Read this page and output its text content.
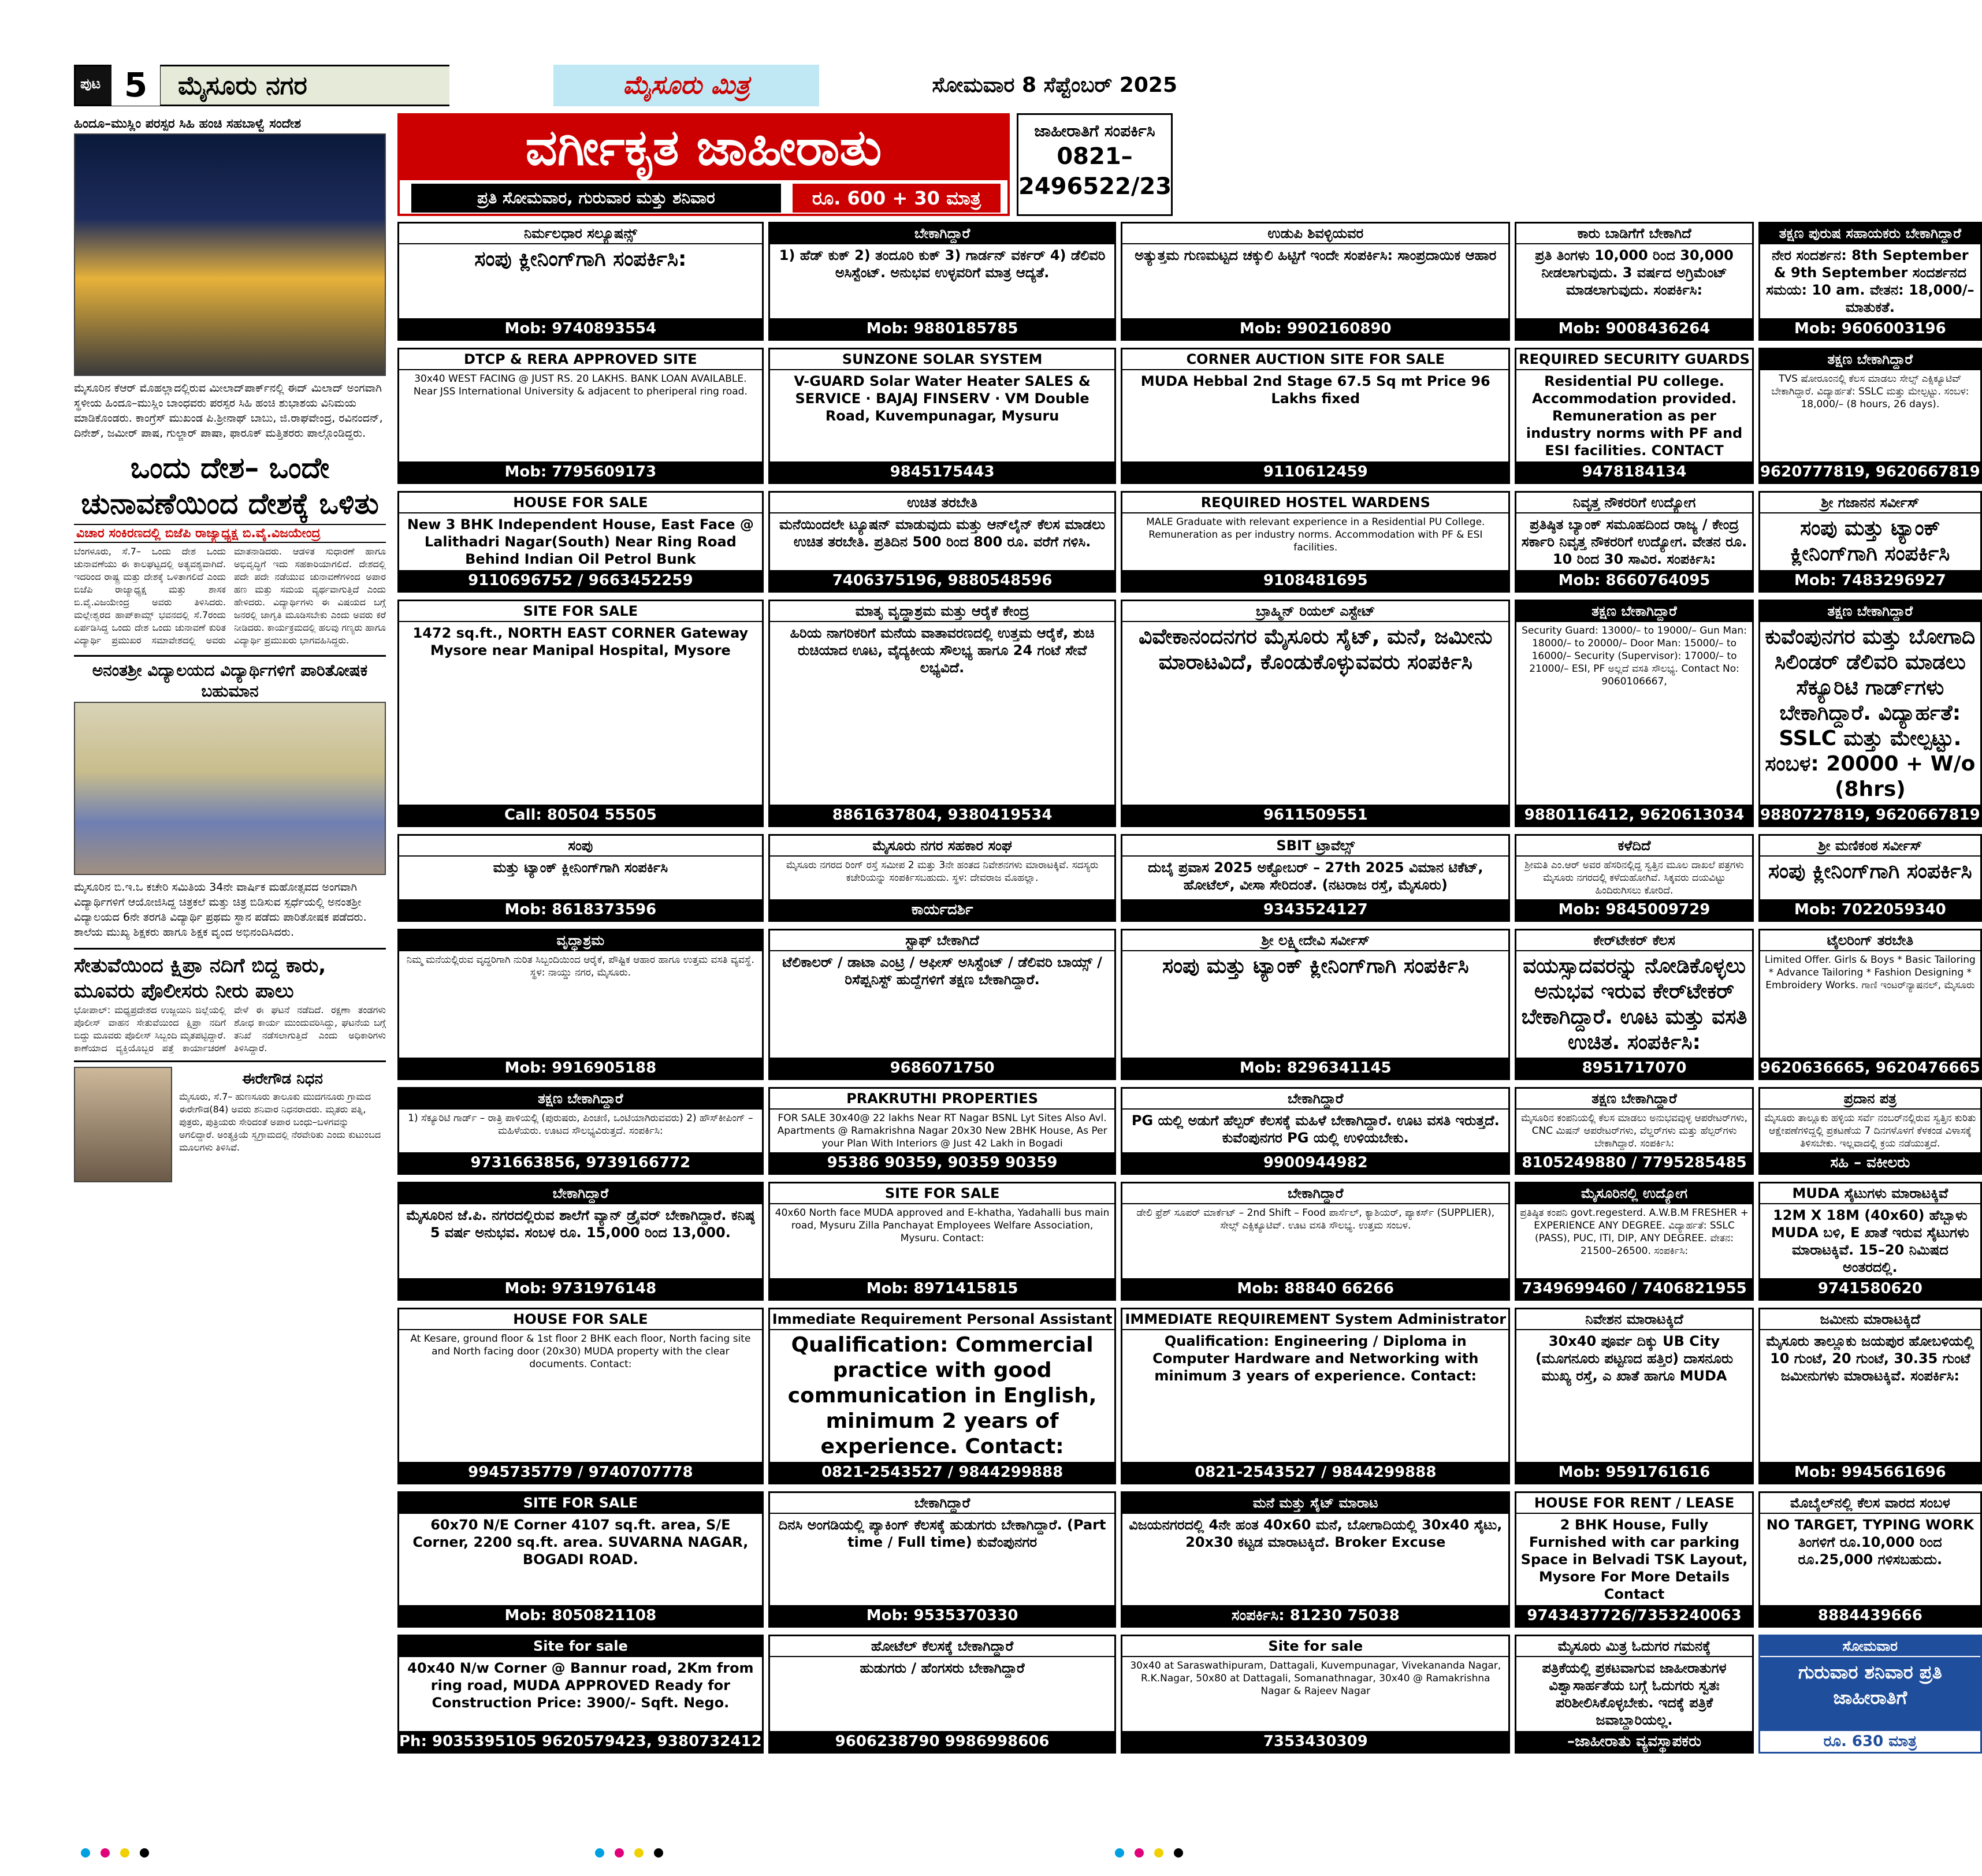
ಪುಟ 5	ಮೈಸೂರು ನಗರ	ಮೈಸೂರು ಮಿತ್ರ	ಸೋಮವಾರ 8 ಸೆಪ್ಟೆಂಬರ್ 2025
ಹಿಂದೂ–ಮುಸ್ಲಿಂ ಪರಸ್ಪರ ಸಿಹಿ ಹಂಚಿ ಸಹಬಾಳ್ವೆ ಸಂದೇಶ
ಮೈಸೂರಿನ ಕೆಆರ್ ಮೊಹಲ್ಲಾದಲ್ಲಿರುವ ಮೀಲಾದ್‌ಪಾರ್ಕ್‌ನಲ್ಲಿ ಈದ್ ಮಿಲಾದ್ ಅಂಗವಾಗಿ ಸ್ಥಳೀಯ ಹಿಂದೂ–ಮುಸ್ಲಿಂ ಬಾಂಧವರು ಪರಸ್ಪರ ಸಿಹಿ ಹಂಚಿ ಶುಭಾಶಯ ವಿನಿಮಯ ಮಾಡಿಕೊಂಡರು. ಕಾಂಗ್ರೆಸ್ ಮುಖಂಡ ಪಿ.ಶ್ರೀನಾಥ್ ಬಾಬು, ಜಿ.ರಾಘವೇಂದ್ರ, ರವಿನಂದನ್, ದಿನೇಶ್, ಜಮೀರ್ ಪಾಷ, ಗುಲ್ಜಾರ್ ಪಾಷಾ, ಫಾರೂಕ್ ಮತ್ತಿತರರು ಪಾಲ್ಗೊಂಡಿದ್ದರು.
ಒಂದು ದೇಶ– ಒಂದೇ ಚುನಾವಣೆಯಿಂದ ದೇಶಕ್ಕೆ ಒಳಿತು
ವಿಚಾರ ಸಂಕಿರಣದಲ್ಲಿ ಬಿಜೆಪಿ ರಾಜ್ಯಾಧ್ಯಕ್ಷ ಬಿ.ವೈ.ವಿಜಯೇಂದ್ರ
ಬೆಂಗಳೂರು, ಸೆ.7– ಒಂದು ದೇಶ ಒಂದು ಚುನಾವಣೆಯು ಈ ಕಾಲಘಟ್ಟದಲ್ಲಿ ಅತ್ಯವಶ್ಯವಾಗಿದೆ. ಇದರಿಂದ ರಾಷ್ಟ್ರ ಮತ್ತು ದೇಶಕ್ಕೆ ಒಳಿತಾಗಲಿದೆ ಎಂದು ಬಿಜೆಪಿ ರಾಜ್ಯಾಧ್ಯಕ್ಷ ಮತ್ತು ಶಾಸಕ ಬಿ.ವೈ.ವಿಜಯೇಂದ್ರ ಅವರು ತಿಳಿಸಿದರು. ಮಲ್ಲೇಶ್ವರದ ಹಾಪ್‌ಕಾಮ್ಸ್ ಭವನದಲ್ಲಿ ಸೆ.7ರಂದು ಏರ್ಪಡಿಸಿದ್ದ ಒಂದು ದೇಶ ಒಂದು ಚುನಾವಣೆ ಕುರಿತ ವಿದ್ಯಾರ್ಥಿ ಪ್ರಮುಖರ ಸಮಾವೇಶದಲ್ಲಿ ಅವರು ಮಾತನಾಡಿದರು. ಆಡಳಿತ ಸುಧಾರಣೆ ಹಾಗೂ ಅಭಿವೃದ್ಧಿಗೆ ಇದು ಸಹಕಾರಿಯಾಗಲಿದೆ. ದೇಶದಲ್ಲಿ ಪದೇ ಪದೇ ನಡೆಯುವ ಚುನಾವಣೆಗಳಿಂದ ಅಪಾರ ಹಣ ಮತ್ತು ಸಮಯ ವ್ಯರ್ಥವಾಗುತ್ತಿದೆ ಎಂದು ಹೇಳಿದರು. ವಿದ್ಯಾರ್ಥಿಗಳು ಈ ವಿಷಯದ ಬಗ್ಗೆ ಜನರಲ್ಲಿ ಜಾಗೃತಿ ಮೂಡಿಸಬೇಕು ಎಂದು ಅವರು ಕರೆ ನೀಡಿದರು. ಕಾರ್ಯಕ್ರಮದಲ್ಲಿ ಹಲವು ಗಣ್ಯರು ಹಾಗೂ ವಿದ್ಯಾರ್ಥಿ ಪ್ರಮುಖರು ಭಾಗವಹಿಸಿದ್ದರು.
ಅನಂತಶ್ರೀ ವಿದ್ಯಾಲಯದ ವಿದ್ಯಾರ್ಥಿಗಳಿಗೆ ಪಾರಿತೋಷಕ ಬಹುಮಾನ
ಮೈಸೂರಿನ ಬಿ.ಇ.ಒ ಕಚೇರಿ ಸಮಿತಿಯ 34ನೇ ವಾರ್ಷಿಕ ಮಹೋತ್ಸವದ ಅಂಗವಾಗಿ ವಿದ್ಯಾರ್ಥಿಗಳಿಗೆ ಆಯೋಜಿಸಿದ್ದ ಚಿತ್ರಕಲೆ ಮತ್ತು ಚಿತ್ರ ಬಿಡಿಸುವ ಸ್ಪರ್ಧೆಯಲ್ಲಿ ಅನಂತಶ್ರೀ ವಿದ್ಯಾಲಯದ 6ನೇ ತರಗತಿ ವಿದ್ಯಾರ್ಥಿ ಪ್ರಥಮ ಸ್ಥಾನ ಪಡೆದು ಪಾರಿತೋಷಕ ಪಡೆದರು. ಶಾಲೆಯ ಮುಖ್ಯ ಶಿಕ್ಷಕರು ಹಾಗೂ ಶಿಕ್ಷಕ ವೃಂದ ಅಭಿನಂದಿಸಿದರು.
ಸೇತುವೆಯಿಂದ ಕ್ಷಿಪ್ರಾ ನದಿಗೆ ಬಿದ್ದ ಕಾರು, ಮೂವರು ಪೊಲೀಸರು ನೀರು ಪಾಲು
ಭೋಪಾಲ್: ಮಧ್ಯಪ್ರದೇಶದ ಉಜ್ಜಯಿನಿ ಜಿಲ್ಲೆಯಲ್ಲಿ ಪೊಲೀಸ್ ವಾಹನ ಸೇತುವೆಯಿಂದ ಕ್ಷಿಪ್ರಾ ನದಿಗೆ ಬಿದ್ದು ಮೂವರು ಪೊಲೀಸ್ ಸಿಬ್ಬಂದಿ ಮೃತಪಟ್ಟಿದ್ದಾರೆ. ಕಾಣೆಯಾದ ವ್ಯಕ್ತಿಯೊಬ್ಬರ ಪತ್ತೆ ಕಾರ್ಯಾಚರಣೆ ವೇಳೆ ಈ ಘಟನೆ ನಡೆದಿದೆ. ರಕ್ಷಣಾ ತಂಡಗಳು ಶೋಧ ಕಾರ್ಯ ಮುಂದುವರಿಸಿದ್ದು, ಘಟನೆಯ ಬಗ್ಗೆ ತನಿಖೆ ನಡೆಸಲಾಗುತ್ತಿದೆ ಎಂದು ಅಧಿಕಾರಿಗಳು ತಿಳಿಸಿದ್ದಾರೆ.
ಈರೇಗೌಡ ನಿಧನ
ಮೈಸೂರು, ಸೆ.7– ಹುಣಸೂರು ತಾಲೂಕು ಮುದಗನೂರು ಗ್ರಾಮದ ಈರೇಗೌಡ(84) ಅವರು ಶನಿವಾರ ನಿಧನರಾದರು. ಮೃತರು ಪತ್ನಿ, ಪುತ್ರರು, ಪುತ್ರಿಯರು ಸೇರಿದಂತೆ ಅಪಾರ ಬಂಧು–ಬಳಗವನ್ನು ಅಗಲಿದ್ದಾರೆ. ಅಂತ್ಯಕ್ರಿಯೆ ಸ್ವಗ್ರಾಮದಲ್ಲಿ ನೆರವೇರಿತು ಎಂದು ಕುಟುಂಬದ ಮೂಲಗಳು ತಿಳಿಸಿವೆ.
ವರ್ಗೀಕೃತ ಜಾಹೀರಾತು
ಪ್ರತಿ ಸೋಮವಾರ, ಗುರುವಾರ ಮತ್ತು ಶನಿವಾರ	ರೂ. 600 + 30 ಮಾತ್ರ
ಜಾಹೀರಾತಿಗೆ ಸಂಪರ್ಕಿಸಿ
0821–
2496522/23
ನಿರ್ಮಲಧಾರ ಸಲ್ಯೂಷನ್ಸ್
ಸಂಪು ಕ್ಲೀನಿಂಗ್‌ಗಾಗಿ ಸಂಪರ್ಕಿಸಿ:
Mob: 9740893554
ಬೇಕಾಗಿದ್ದಾರೆ
1) ಹೆಡ್ ಕುಕ್ 2) ತಂದೂರಿ ಕುಕ್ 3) ಗಾರ್ಡನ್ ವರ್ಕರ್ 4) ಡೆಲಿವರಿ ಅಸಿಸ್ಟೆಂಟ್. ಅನುಭವ ಉಳ್ಳವರಿಗೆ ಮಾತ್ರ ಆದ್ಯತೆ.
Mob: 9880185785
ಉಡುಪಿ ಶಿವಳ್ಳಿಯವರ
ಅತ್ಯುತ್ತಮ ಗುಣಮಟ್ಟದ ಚಕ್ಕುಲಿ ಹಿಟ್ಟಿಗೆ ಇಂದೇ ಸಂಪರ್ಕಿಸಿ: ಸಾಂಪ್ರದಾಯಿಕ ಆಹಾರ
Mob: 9902160890
ಕಾರು ಬಾಡಿಗೆಗೆ ಬೇಕಾಗಿದೆ
ಪ್ರತಿ ತಿಂಗಳು 10,000 ರಿಂದ 30,000 ನೀಡಲಾಗುವುದು. 3 ವರ್ಷದ ಅಗ್ರಿಮೆಂಟ್ ಮಾಡಲಾಗುವುದು. ಸಂಪರ್ಕಿಸಿ:
Mob: 9008436264
ತಕ್ಷಣ ಪುರುಷ ಸಹಾಯಕರು ಬೇಕಾಗಿದ್ದಾರೆ
ನೇರ ಸಂದರ್ಶನ: 8th September & 9th September ಸಂದರ್ಶನದ ಸಮಯ: 10 am. ವೇತನ: 18,000/– ಮಾತುಕತೆ.
Mob: 9606003196
DTCP & RERA APPROVED SITE
30x40 WEST FACING @ JUST RS. 20 LAKHS. BANK LOAN AVAILABLE. Near JSS International University & adjacent to pheriperal ring road.
Mob: 7795609173
SUNZONE SOLAR SYSTEM
V-GUARD Solar Water Heater SALES & SERVICE · BAJAJ FINSERV · VM Double Road, Kuvempunagar, Mysuru
9845175443
CORNER AUCTION SITE FOR SALE
MUDA Hebbal 2nd Stage 67.5 Sq mt Price 96 Lakhs fixed
9110612459
REQUIRED SECURITY GUARDS
Residential PU college. Accommodation provided. Remuneration as per industry norms with PF and ESI facilities. CONTACT
9478184134
ತಕ್ಷಣ ಬೇಕಾಗಿದ್ದಾರೆ
TVS ಷೋರೂಂನಲ್ಲಿ ಕೆಲಸ ಮಾಡಲು ಸೇಲ್ಸ್ ಎಕ್ಸಿಕ್ಯೂಟಿವ್ ಬೇಕಾಗಿದ್ದಾರೆ. ವಿದ್ಯಾರ್ಹತೆ: SSLC ಮತ್ತು ಮೇಲ್ಪಟ್ಟು. ಸಂಬಳ: 18,000/– (8 hours, 26 days).
9620777819, 9620667819
HOUSE FOR SALE
New 3 BHK Independent House, East Face @ Lalithadri Nagar(South) Near Ring Road Behind Indian Oil Petrol Bunk
9110696752 / 9663452259
ಉಚಿತ ತರಬೇತಿ
ಮನೆಯಿಂದಲೇ ಟ್ಯೂಷನ್ ಮಾಡುವುದು ಮತ್ತು ಆನ್‌ಲೈನ್ ಕೆಲಸ ಮಾಡಲು ಉಚಿತ ತರಬೇತಿ. ಪ್ರತಿದಿನ 500 ರಿಂದ 800 ರೂ. ವರೆಗೆ ಗಳಿಸಿ.
7406375196, 9880548596
REQUIRED HOSTEL WARDENS
MALE Graduate with relevant experience in a Residential PU College. Remuneration as per industry norms. Accommodation with PF & ESI facilities.
9108481695
ನಿವೃತ್ತ ನೌಕರರಿಗೆ ಉದ್ಯೋಗ
ಪ್ರತಿಷ್ಠಿತ ಬ್ಯಾಂಕ್ ಸಮೂಹದಿಂದ ರಾಜ್ಯ / ಕೇಂದ್ರ ಸರ್ಕಾರಿ ನಿವೃತ್ತ ನೌಕರರಿಗೆ ಉದ್ಯೋಗ. ವೇತನ ರೂ. 10 ರಿಂದ 30 ಸಾವಿರ. ಸಂಪರ್ಕಿಸಿ:
Mob: 8660764095
ಶ್ರೀ ಗಜಾನನ ಸರ್ವೀಸ್
ಸಂಪು ಮತ್ತು ಟ್ಯಾಂಕ್ ಕ್ಲೀನಿಂಗ್‌ಗಾಗಿ ಸಂಪರ್ಕಿಸಿ
Mob: 7483296927
SITE FOR SALE
1472 sq.ft., NORTH EAST CORNER Gateway Mysore near Manipal Hospital, Mysore
Call: 80504 55505
ಮಾತೃ ವೃದ್ಧಾಶ್ರಮ ಮತ್ತು ಆರೈಕೆ ಕೇಂದ್ರ
ಹಿರಿಯ ನಾಗರಿಕರಿಗೆ ಮನೆಯ ವಾತಾವರಣದಲ್ಲಿ ಉತ್ತಮ ಆರೈಕೆ, ಶುಚಿ ರುಚಿಯಾದ ಊಟ, ವೈದ್ಯಕೀಯ ಸೌಲಭ್ಯ ಹಾಗೂ 24 ಗಂಟೆ ಸೇವೆ ಲಭ್ಯವಿದೆ.
8861637804, 9380419534
ಬ್ರಾಹ್ಮಿನ್ ರಿಯಲ್ ಎಸ್ಟೇಟ್
ವಿವೇಕಾನಂದನಗರ ಮೈಸೂರು ಸೈಟ್, ಮನೆ, ಜಮೀನು ಮಾರಾಟವಿದೆ, ಕೊಂಡುಕೊಳ್ಳುವವರು ಸಂಪರ್ಕಿಸಿ
9611509551
ತಕ್ಷಣ ಬೇಕಾಗಿದ್ದಾರೆ
Security Guard: 13000/– to 19000/– Gun Man: 18000/– to 20000/– Door Man: 15000/– to 16000/– Security (Supervisor): 17000/– to 21000/– ESI, PF ಅಲ್ಲದೆ ವಸತಿ ಸೌಲಭ್ಯ. Contact No: 9060106667,
9880116412, 9620613034
ತಕ್ಷಣ ಬೇಕಾಗಿದ್ದಾರೆ
ಕುವೆಂಪುನಗರ ಮತ್ತು ಬೋಗಾದಿ ಸಿಲಿಂಡರ್ ಡೆಲಿವರಿ ಮಾಡಲು ಸೆಕ್ಯೂರಿಟಿ ಗಾರ್ಡ್‌ಗಳು ಬೇಕಾಗಿದ್ದಾರೆ. ವಿದ್ಯಾರ್ಹತೆ: SSLC ಮತ್ತು ಮೇಲ್ಪಟ್ಟು. ಸಂಬಳ: 20000 + W/o (8hrs)
9880727819, 9620667819
ಸಂಪು
ಮತ್ತು ಟ್ಯಾಂಕ್ ಕ್ಲೀನಿಂಗ್‌ಗಾಗಿ ಸಂಪರ್ಕಿಸಿ
Mob: 8618373596
ಮೈಸೂರು ನಗರ ಸಹಕಾರ ಸಂಘ
ಮೈಸೂರು ನಗರದ ರಿಂಗ್ ರಸ್ತೆ ಸಮೀಪ 2 ಮತ್ತು 3ನೇ ಹಂತದ ನಿವೇಶನಗಳು ಮಾರಾಟಕ್ಕಿವೆ. ಸದಸ್ಯರು ಕಚೇರಿಯನ್ನು ಸಂಪರ್ಕಿಸಬಹುದು. ಸ್ಥಳ: ದೇವರಾಜ ಮೊಹಲ್ಲಾ.
ಕಾರ್ಯದರ್ಶಿ
SBIT ಟ್ರಾವೆಲ್ಸ್
ದುಬೈ ಪ್ರವಾಸ 2025 ಅಕ್ಟೋಬರ್ – 27th 2025 ವಿಮಾನ ಟಿಕೆಟ್, ಹೋಟೆಲ್, ವೀಸಾ ಸೇರಿದಂತೆ. (ನಟರಾಜ ರಸ್ತೆ, ಮೈಸೂರು)
9343524127
ಕಳೆದಿದೆ
ಶ್ರೀಮತಿ ಎಂ.ಆರ್ ಅವರ ಹೆಸರಿನಲ್ಲಿದ್ದ ಸ್ವತ್ತಿನ ಮೂಲ ದಾಖಲೆ ಪತ್ರಗಳು ಮೈಸೂರು ನಗರದಲ್ಲಿ ಕಳೆದುಹೋಗಿವೆ. ಸಿಕ್ಕವರು ದಯವಿಟ್ಟು ಹಿಂದಿರುಗಿಸಲು ಕೋರಿದೆ.
Mob: 9845009729
ಶ್ರೀ ಮಣಿಕಂಠ ಸರ್ವೀಸ್
ಸಂಪು ಕ್ಲೀನಿಂಗ್‌ಗಾಗಿ ಸಂಪರ್ಕಿಸಿ
Mob: 7022059340
ವೃದ್ಧಾಶ್ರಮ
ನಿಮ್ಮ ಮನೆಯಲ್ಲಿರುವ ವೃದ್ಧರಿಗಾಗಿ ನುರಿತ ಸಿಬ್ಬಂದಿಯಿಂದ ಆರೈಕೆ, ಪೌಷ್ಟಿಕ ಆಹಾರ ಹಾಗೂ ಉತ್ತಮ ವಸತಿ ವ್ಯವಸ್ಥೆ. ಸ್ಥಳ: ನಾಯ್ಡು ನಗರ, ಮೈಸೂರು.
Mob: 9916905188
ಸ್ಟಾಫ್ ಬೇಕಾಗಿದೆ
ಟೆಲಿಕಾಲರ್ / ಡಾಟಾ ಎಂಟ್ರಿ / ಆಫೀಸ್ ಅಸಿಸ್ಟೆಂಟ್ / ಡೆಲಿವರಿ ಬಾಯ್ಸ್ / ರಿಸೆಪ್ಷನಿಸ್ಟ್ ಹುದ್ದೆಗಳಿಗೆ ತಕ್ಷಣ ಬೇಕಾಗಿದ್ದಾರೆ.
9686071750
ಶ್ರೀ ಲಕ್ಷ್ಮೀದೇವಿ ಸರ್ವೀಸ್
ಸಂಪು ಮತ್ತು ಟ್ಯಾಂಕ್ ಕ್ಲೀನಿಂಗ್‌ಗಾಗಿ ಸಂಪರ್ಕಿಸಿ
Mob: 8296341145
ಕೇರ್‌ಟೇಕರ್ ಕೆಲಸ
ವಯಸ್ಸಾದವರನ್ನು ನೋಡಿಕೊಳ್ಳಲು ಅನುಭವ ಇರುವ ಕೇರ್‌ಟೇಕರ್ ಬೇಕಾಗಿದ್ದಾರೆ. ಊಟ ಮತ್ತು ವಸತಿ ಉಚಿತ. ಸಂಪರ್ಕಿಸಿ:
8951717070
ಟೈಲರಿಂಗ್ ತರಬೇತಿ
Limited Offer. Girls & Boys * Basic Tailoring * Advance Tailoring * Fashion Designing * Embroidery Works. ಗಾಣಿ ಇಂಟರ್‌ನ್ಯಾಷನಲ್, ಮೈಸೂರು
9620636665, 9620476665
ತಕ್ಷಣ ಬೇಕಾಗಿದ್ದಾರೆ
1) ಸೆಕ್ಯೂರಿಟಿ ಗಾರ್ಡ್ – ರಾತ್ರಿ ಪಾಳಿಯಲ್ಲಿ (ಪುರುಷರು, ಪಿಂಚಣಿ, ಒಂಟಿಯಾಗಿರುವವರು) 2) ಹೌಸ್‌ಕೀಪಿಂಗ್ – ಮಹಿಳೆಯರು. ಊಟದ ಸೌಲಭ್ಯವಿರುತ್ತದೆ. ಸಂಪರ್ಕಿಸಿ:
9731663856, 9739166772
PRAKRUTHI PROPERTIES
FOR SALE 30x40@ 22 lakhs Near RT Nagar BSNL Lyt Sites Also Avl. Apartments @ Ramakrishna Nagar 20x30 New 2BHK House, As Per your Plan With Interiors @ Just 42 Lakh in Bogadi
95386 90359, 90359 90359
ಬೇಕಾಗಿದ್ದಾರೆ
PG ಯಲ್ಲಿ ಅಡುಗೆ ಹೆಲ್ಪರ್ ಕೆಲಸಕ್ಕೆ ಮಹಿಳೆ ಬೇಕಾಗಿದ್ದಾರೆ. ಊಟ ವಸತಿ ಇರುತ್ತದೆ. ಕುವೆಂಪುನಗರ PG ಯಲ್ಲಿ ಉಳಿಯಬೇಕು.
9900944982
ತಕ್ಷಣ ಬೇಕಾಗಿದ್ದಾರೆ
ಮೈಸೂರಿನ ಕಂಪನಿಯಲ್ಲಿ ಕೆಲಸ ಮಾಡಲು ಅನುಭವವುಳ್ಳ ಆಪರೇಟರ್‌ಗಳು, CNC ಮಿಷನ್ ಆಪರೇಟರ್‌ಗಳು, ವೆಲ್ಡರ್‌ಗಳು ಮತ್ತು ಹೆಲ್ಪರ್‌ಗಳು ಬೇಕಾಗಿದ್ದಾರೆ. ಸಂಪರ್ಕಿಸಿ:
8105249880 / 7795285485
ಪ್ರದಾನ ಪತ್ರ
ಮೈಸೂರು ತಾಲ್ಲೂಕು ಹಳ್ಳಿಯ ಸರ್ವೆ ನಂಬರ್‌ನಲ್ಲಿರುವ ಸ್ವತ್ತಿನ ಕುರಿತು ಆಕ್ಷೇಪಣೆಗಳಿದ್ದಲ್ಲಿ ಪ್ರಕಟಣೆಯ 7 ದಿನಗಳೊಳಗೆ ಕೆಳಕಂಡ ವಿಳಾಸಕ್ಕೆ ತಿಳಿಸಬೇಕು. ಇಲ್ಲವಾದಲ್ಲಿ ಕ್ರಯ ನಡೆಯುತ್ತದೆ.
ಸಹಿ – ವಕೀಲರು
ಬೇಕಾಗಿದ್ದಾರೆ
ಮೈಸೂರಿನ ಜೆ.ಪಿ. ನಗರದಲ್ಲಿರುವ ಶಾಲೆಗೆ ವ್ಯಾನ್ ಡ್ರೈವರ್ ಬೇಕಾಗಿದ್ದಾರೆ. ಕನಿಷ್ಠ 5 ವರ್ಷ ಅನುಭವ. ಸಂಬಳ ರೂ. 15,000 ರಿಂದ 13,000.
Mob: 9731976148
SITE FOR SALE
40x60 North face MUDA approved and E-khatha, Yadahalli bus main road, Mysuru Zilla Panchayat Employees Welfare Association, Mysuru. Contact:
Mob: 8971415815
ಬೇಕಾಗಿದ್ದಾರೆ
ಡೇಲಿ ಫ್ರೆಶ್ ಸೂಪರ್ ಮಾರ್ಕೆಟ್ – 2nd Shift – Food ಪಾರ್ಸೆಲ್, ಕ್ಯಾಶಿಯರ್, ಪ್ಯಾಕರ್ಸ್ (SUPPLIER), ಸೇಲ್ಸ್ ಎಕ್ಸಿಕ್ಯೂಟಿವ್. ಊಟ ವಸತಿ ಸೌಲಭ್ಯ. ಉತ್ತಮ ಸಂಬಳ.
Mob: 88840 66266
ಮೈಸೂರಿನಲ್ಲಿ ಉದ್ಯೋಗ
ಪ್ರತಿಷ್ಠಿತ ಕಂಪನಿ govt.regesterd. A.W.B.M FRESHER + EXPERIENCE ANY DEGREE. ವಿದ್ಯಾರ್ಹತೆ: SSLC (PASS), PUC, ITI, DIP, ANY DEGREE. ವೇತನ: 21500–26500. ಸಂಪರ್ಕಿಸಿ:
7349699460 / 7406821955
MUDA ಸೈಟುಗಳು ಮಾರಾಟಕ್ಕಿವೆ
12M X 18M (40x60) ಹೆಬ್ಬಾಳು MUDA ಬಳಿ, E ಖಾತೆ ಇರುವ ಸೈಟುಗಳು ಮಾರಾಟಕ್ಕಿವೆ. 15–20 ನಿಮಿಷದ ಅಂತರದಲ್ಲಿ.
9741580620
HOUSE FOR SALE
At Kesare, ground floor & 1st floor 2 BHK each floor, North facing site and North facing door (20x30) MUDA property with the clear documents. Contact:
9945735779 / 9740707778
Immediate Requirement Personal Assistant
Qualification: Commercial practice with good communication in English, minimum 2 years of experience. Contact:
0821-2543527 / 9844299888
IMMEDIATE REQUIREMENT System Administrator
Qualification: Engineering / Diploma in Computer Hardware and Networking with minimum 3 years of experience. Contact:
0821-2543527 / 9844299888
ನಿವೇಶನ ಮಾರಾಟಕ್ಕಿದೆ
30x40 ಪೂರ್ವ ದಿಕ್ಕು UB City (ಮೂಗನೂರು ಪಟ್ಟಣದ ಹತ್ತಿರ) ದಾಸನೂರು ಮುಖ್ಯ ರಸ್ತೆ, ಎ ಖಾತೆ ಹಾಗೂ MUDA
Mob: 9591761616
ಜಮೀನು ಮಾರಾಟಕ್ಕಿದೆ
ಮೈಸೂರು ತಾಲ್ಲೂಕು ಜಯಪುರ ಹೋಬಳಿಯಲ್ಲಿ 10 ಗುಂಟೆ, 20 ಗುಂಟೆ, 30.35 ಗುಂಟೆ ಜಮೀನುಗಳು ಮಾರಾಟಕ್ಕಿವೆ. ಸಂಪರ್ಕಿಸಿ:
Mob: 9945661696
SITE FOR SALE
60x70 N/E Corner 4107 sq.ft. area, S/E Corner, 2200 sq.ft. area. SUVARNA NAGAR, BOGADI ROAD.
Mob: 8050821108
ಬೇಕಾಗಿದ್ದಾರೆ
ದಿನಸಿ ಅಂಗಡಿಯಲ್ಲಿ ಪ್ಯಾಕಿಂಗ್ ಕೆಲಸಕ್ಕೆ ಹುಡುಗರು ಬೇಕಾಗಿದ್ದಾರೆ. (Part time / Full time) ಕುವೆಂಪುನಗರ
Mob: 9535370330
ಮನೆ ಮತ್ತು ಸೈಟ್ ಮಾರಾಟ
ವಿಜಯನಗರದಲ್ಲಿ 4ನೇ ಹಂತ 40x60 ಮನೆ, ಬೋಗಾದಿಯಲ್ಲಿ 30x40 ಸೈಟು, 20x30 ಕಟ್ಟಡ ಮಾರಾಟಕ್ಕಿದೆ. Broker Excuse
ಸಂಪರ್ಕಿಸಿ: 81230 75038
HOUSE FOR RENT / LEASE
2 BHK House, Fully Furnished with car parking Space in Belvadi TSK Layout, Mysore For More Details Contact
9743437726/7353240063
ಮೊಬೈಲ್‌ನಲ್ಲಿ ಕೆಲಸ ವಾರದ ಸಂಬಳ
NO TARGET, TYPING WORK ತಿಂಗಳಿಗೆ ರೂ.10,000 ರಿಂದ ರೂ.25,000 ಗಳಿಸಬಹುದು.
8884439666
Site for sale
40x40 N/w Corner @ Bannur road, 2Km from ring road, MUDA APPROVED Ready for Construction Price: 3900/- Sqft. Nego.
Ph: 9035395105 9620579423, 9380732412
ಹೋಟೆಲ್ ಕೆಲಸಕ್ಕೆ ಬೇಕಾಗಿದ್ದಾರೆ
ಹುಡುಗರು / ಹೆಂಗಸರು ಬೇಕಾಗಿದ್ದಾರೆ
9606238790 9986998606
Site for sale
30x40 at Saraswathipuram, Dattagali, Kuvempunagar, Vivekananda Nagar, R.K.Nagar, 50x80 at Dattagali, Somanathnagar, 30x40 @ Ramakrishna Nagar & Rajeev Nagar
7353430309
ಮೈಸೂರು ಮಿತ್ರ ಓದುಗರ ಗಮನಕ್ಕೆ
ಪತ್ರಿಕೆಯಲ್ಲಿ ಪ್ರಕಟವಾಗುವ ಜಾಹೀರಾತುಗಳ ವಿಶ್ವಾಸಾರ್ಹತೆಯ ಬಗ್ಗೆ ಓದುಗರು ಸ್ವತಃ ಪರಿಶೀಲಿಸಿಕೊಳ್ಳಬೇಕು. ಇದಕ್ಕೆ ಪತ್ರಿಕೆ ಜವಾಬ್ದಾರಿಯಲ್ಲ.
–ಜಾಹೀರಾತು ವ್ಯವಸ್ಥಾಪಕರು
ಸೋಮವಾರ
ಗುರುವಾರ ಶನಿವಾರ ಪ್ರತಿ ಜಾಹೀರಾತಿಗೆ
ರೂ. 630 ಮಾತ್ರ
